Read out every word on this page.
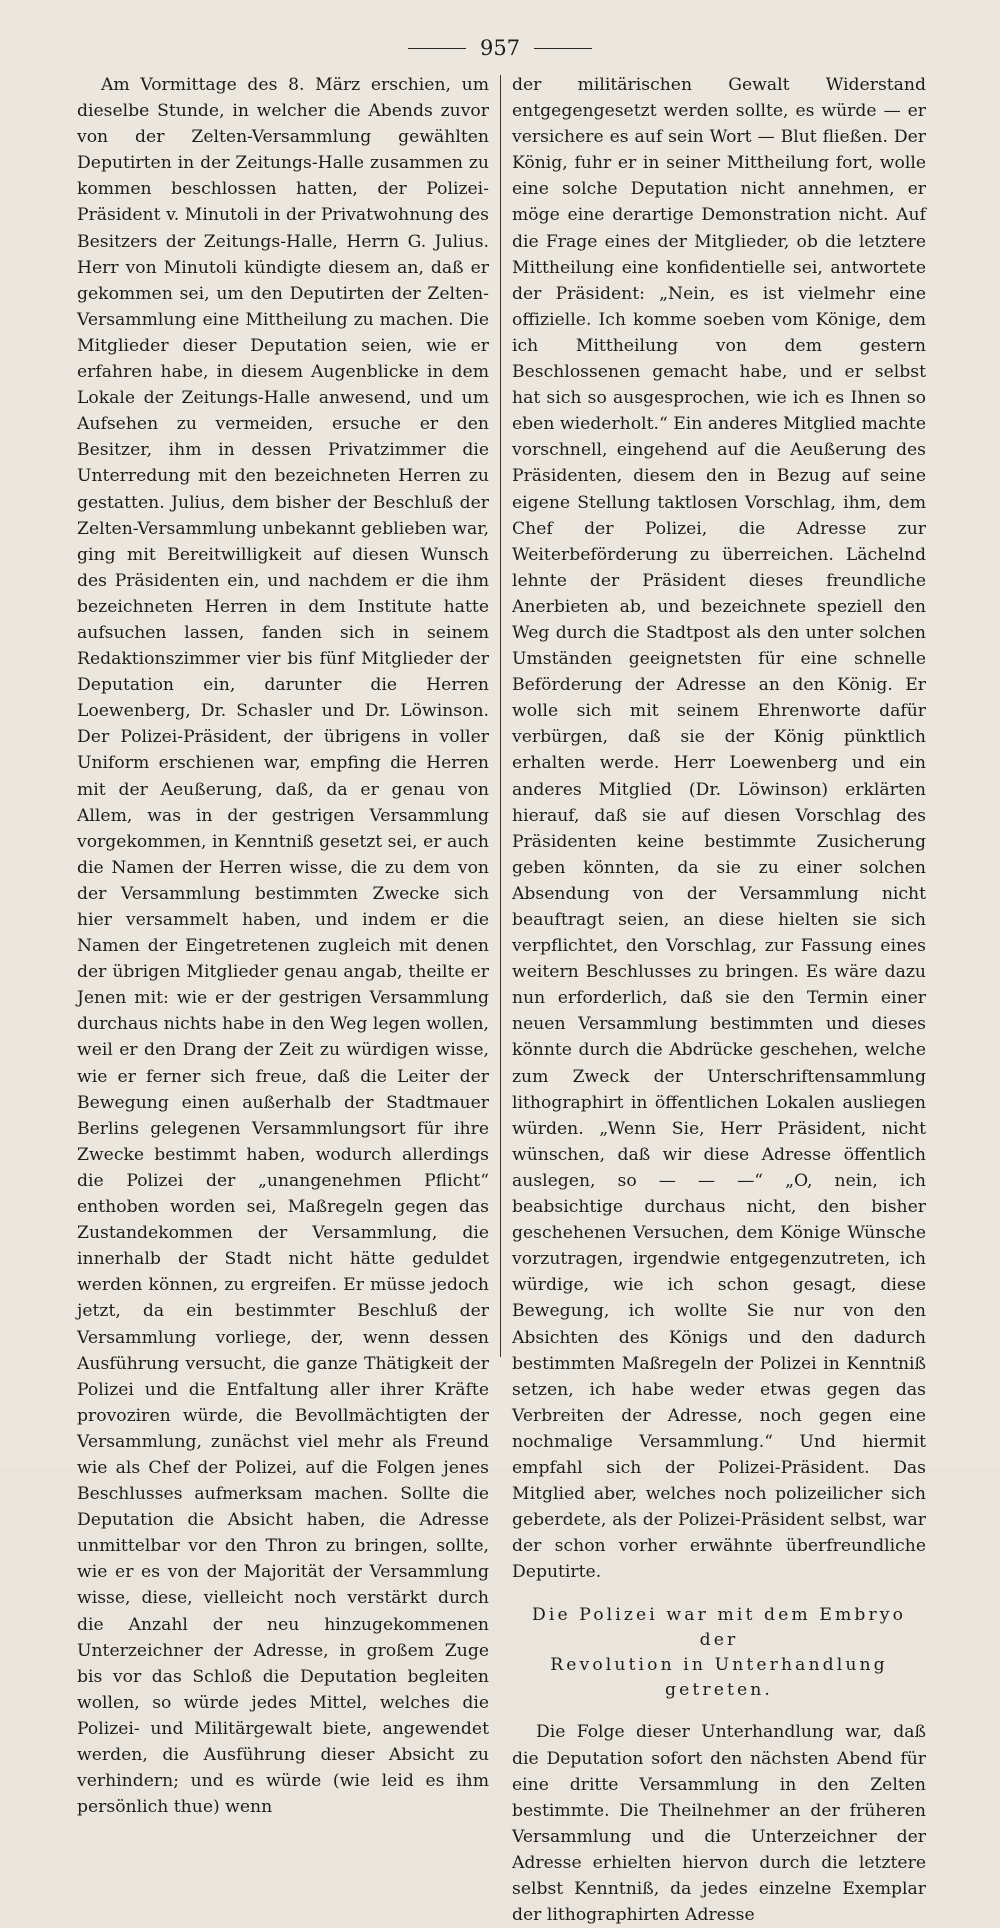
957

Am Vormittage des 8. März erschien, um dieselbe Stunde, in welcher die Abends zuvor von der Zelten-Versammlung gewählten Deputirten in der Zeitungs-Halle zusammen zu kommen beschlossen hatten, der Polizei-Präsident v. Minutoli in der Privatwohnung des Besitzers der Zeitungs-Halle, Herrn G. Julius. Herr von Minutoli kündigte diesem an, daß er gekommen sei, um den Deputirten der Zelten-Versammlung eine Mittheilung zu machen. Die Mitglieder dieser Deputation seien, wie er erfahren habe, in diesem Augenblicke in dem Lokale der Zeitungs-Halle anwesend, und um Aufsehen zu vermeiden, ersuche er den Besitzer, ihm in dessen Privatzimmer die Unterredung mit den bezeichneten Herren zu gestatten. Julius, dem bisher der Beschluß der Zelten-Versammlung unbekannt geblieben war, ging mit Bereitwilligkeit auf diesen Wunsch des Präsidenten ein, und nachdem er die ihm bezeichneten Herren in dem Institute hatte aufsuchen lassen, fanden sich in seinem Redaktionszimmer vier bis fünf Mitglieder der Deputation ein, darunter die Herren Loewenberg, Dr. Schasler und Dr. Löwinson. Der Polizei-Präsident, der übrigens in voller Uniform erschienen war, empfing die Herren mit der Aeußerung, daß, da er genau von Allem, was in der gestrigen Versammlung vorgekommen, in Kenntniß gesetzt sei, er auch die Namen der Herren wisse, die zu dem von der Versammlung bestimmten Zwecke sich hier versammelt haben, und indem er die Namen der Eingetretenen zugleich mit denen der übrigen Mitglieder genau angab, theilte er Jenen mit: wie er der gestrigen Versammlung durchaus nichts habe in den Weg legen wollen, weil er den Drang der Zeit zu würdigen wisse, wie er ferner sich freue, daß die Leiter der Bewegung einen außerhalb der Stadtmauer Berlins gelegenen Versammlungsort für ihre Zwecke bestimmt haben, wodurch allerdings die Polizei der „unangenehmen Pflicht“ enthoben worden sei, Maßregeln gegen das Zustandekommen der Versammlung, die innerhalb der Stadt nicht hätte geduldet werden können, zu ergreifen. Er müsse jedoch jetzt, da ein bestimmter Beschluß der Versammlung vorliege, der, wenn dessen Ausführung versucht, die ganze Thätigkeit der Polizei und die Entfaltung aller ihrer Kräfte provoziren würde, die Bevollmächtigten der Versammlung, zunächst viel mehr als Freund wie als Chef der Polizei, auf die Folgen jenes Beschlusses aufmerksam machen. Sollte die Deputation die Absicht haben, die Adresse unmittelbar vor den Thron zu bringen, sollte, wie er es von der Majorität der Versammlung wisse, diese, vielleicht noch verstärkt durch die Anzahl der neu hinzugekommenen Unterzeichner der Adresse, in großem Zuge bis vor das Schloß die Deputation begleiten wollen, so würde jedes Mittel, welches die Polizei- und Militärgewalt biete, angewendet werden, die Ausführung dieser Absicht zu verhindern; und es würde (wie leid es ihm persönlich thue) wenn

der militärischen Gewalt Widerstand entgegengesetzt werden sollte, es würde — er versichere es auf sein Wort — Blut fließen. Der König, fuhr er in seiner Mittheilung fort, wolle eine solche Deputation nicht annehmen, er möge eine derartige Demonstration nicht. Auf die Frage eines der Mitglieder, ob die letztere Mittheilung eine konfidentielle sei, antwortete der Präsident: „Nein, es ist vielmehr eine offizielle. Ich komme soeben vom Könige, dem ich Mittheilung von dem gestern Beschlossenen gemacht habe, und er selbst hat sich so ausgesprochen, wie ich es Ihnen so eben wiederholt.“ Ein anderes Mitglied machte vorschnell, eingehend auf die Aeußerung des Präsidenten, diesem den in Bezug auf seine eigene Stellung taktlosen Vorschlag, ihm, dem Chef der Polizei, die Adresse zur Weiterbeförderung zu überreichen. Lächelnd lehnte der Präsident dieses freundliche Anerbieten ab, und bezeichnete speziell den Weg durch die Stadtpost als den unter solchen Umständen geeignetsten für eine schnelle Beförderung der Adresse an den König. Er wolle sich mit seinem Ehrenworte dafür verbürgen, daß sie der König pünktlich erhalten werde. Herr Loewenberg und ein anderes Mitglied (Dr. Löwinson) erklärten hierauf, daß sie auf diesen Vorschlag des Präsidenten keine bestimmte Zusicherung geben könnten, da sie zu einer solchen Absendung von der Versammlung nicht beauftragt seien, an diese hielten sie sich verpflichtet, den Vorschlag, zur Fassung eines weitern Beschlusses zu bringen. Es wäre dazu nun erforderlich, daß sie den Termin einer neuen Versammlung bestimmten und dieses könnte durch die Abdrücke geschehen, welche zum Zweck der Unterschriftensammlung lithographirt in öffentlichen Lokalen ausliegen würden. „Wenn Sie, Herr Präsident, nicht wünschen, daß wir diese Adresse öffentlich auslegen, so — — —“ „O, nein, ich beabsichtige durchaus nicht, den bisher geschehenen Versuchen, dem Könige Wünsche vorzutragen, irgendwie entgegenzutreten, ich würdige, wie ich schon gesagt, diese Bewegung, ich wollte Sie nur von den Absichten des Königs und den dadurch bestimmten Maßregeln der Polizei in Kenntniß setzen, ich habe weder etwas gegen das Verbreiten der Adresse, noch gegen eine nochmalige Versammlung.“ Und hiermit empfahl sich der Polizei-Präsident. Das Mitglied aber, welches noch polizeilicher sich geberdete, als der Polizei-Präsident selbst, war der schon vorher erwähnte überfreundliche Deputirte.

Die Polizei war mit dem Embryo der
Revolution in Unterhandlung getreten.

Die Folge dieser Unterhandlung war, daß die Deputation sofort den nächsten Abend für eine dritte Versammlung in den Zelten bestimmte. Die Theilnehmer an der früheren Versammlung und die Unterzeichner der Adresse erhielten hiervon durch die letztere selbst Kenntniß, da jedes einzelne Exemplar der lithographirten Adresse
